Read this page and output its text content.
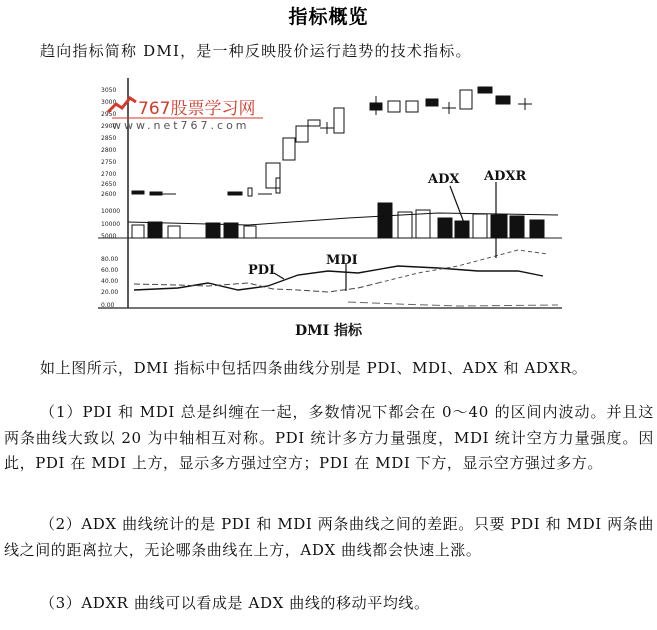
指标概览
趋向指标简称 DMI，是一种反映股价运行趋势的技术指标。
3050
3000
2950
2900
2850
2800
2750
2700
2650
2600
10000
10000
5000
80.00
60.00
40.00
20.00
0.00
767股票学习网
www.net767.com
PDI
MDI
ADX ADXR
DMI 指标
如上图所示，DMI 指标中包括四条曲线分别是 PDI、MDI、ADX 和 ADXR。
（1）PDI 和 MDI 总是纠缠在一起，多数情况下都会在 0～40 的区间内波动。并且这两条曲线大致以 20 为中轴相互对称。PDI 统计多方力量强度，MDI 统计空方力量强度。因此，PDI 在 MDI 上方，显示多方强过空方；PDI 在 MDI 下方，显示空方强过多方。
（2）ADX 曲线统计的是 PDI 和 MDI 两条曲线之间的差距。只要 PDI 和 MDI 两条曲线之间的距离拉大，无论哪条曲线在上方，ADX 曲线都会快速上涨。
（3）ADXR 曲线可以看成是 ADX 曲线的移动平均线。
